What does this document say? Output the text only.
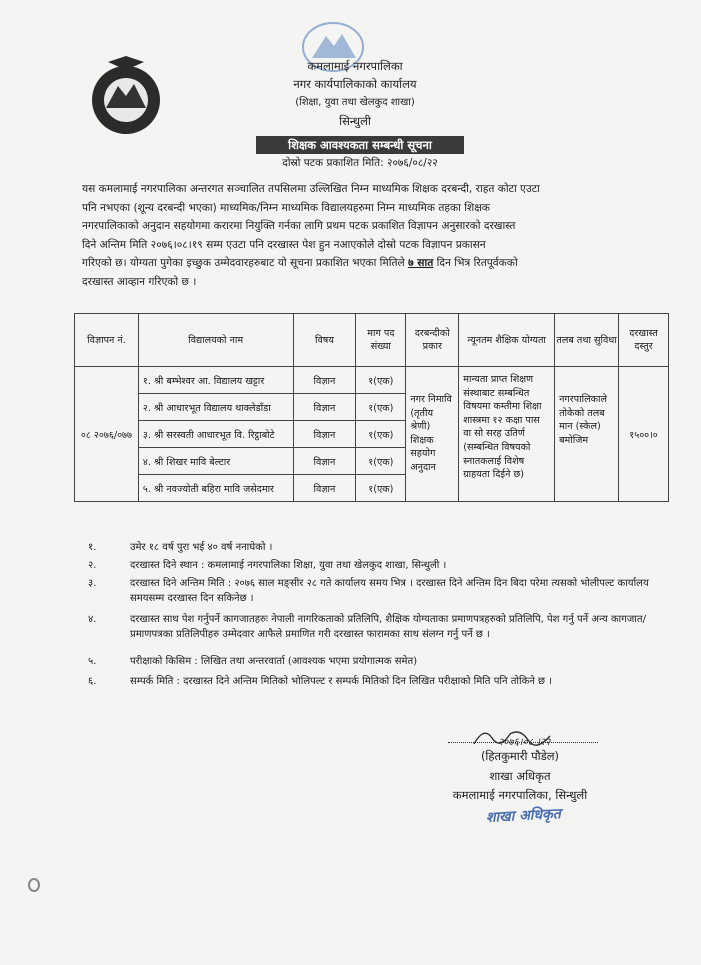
कमलामाई नगरपालिका
नगर कार्यपालिकाको कार्यालय
(शिक्षा, युवा तथा खेलकुद शाखा)
सिन्धुली
शिक्षक आवश्यकता सम्बन्धी सूचना
दोस्रो पटक प्रकाशित मिति: २०७६/०८/२२
यस कमलामाई नगरपालिका अन्तरगत सञ्चालित तपसिलमा उल्लिखित निम्न माध्यमिक शिक्षक दरबन्दी, राहत कोटा एउटा
पनि नभएका (शून्य दरबन्दी भएका) माध्यमिक/निम्न माध्यमिक विद्यालयहरुमा निम्न माध्यमिक तहका शिक्षक
नगरपालिकाको अनुदान सहयोगमा करारमा नियुक्ति गर्नका लागि प्रथम पटक प्रकाशित विज्ञापन अनुसारको दरखास्त
दिने अन्तिम मिति २०७६।०८।१९ सम्म एउटा पनि दरखास्त पेश हुन नआएकोले दोस्रो पटक विज्ञापन प्रकासन
गरिएको छ। योग्यता पुगेका इच्छुक उम्मेदवारहरुबाट यो सूचना प्रकाशित भएका मितिले ७ सात दिन भित्र रितपूर्वकको
दरखास्त आव्हान गरिएको छ ।
विज्ञापन नं.	विद्यालयको नाम	विषय	माग पद संख्या	दरबन्दीको प्रकार	न्यूनतम शैक्षिक योग्यता	तलब तथा सुविधा	दरखास्त दस्तुर
०८ २०७६/०७७	१. श्री बम्भेश्वर आ. विद्यालय खट्टार	विज्ञान	१(एक)	नगर निमावि (तृतीय श्रेणी) शिक्षक सहयोग अनुदान	मान्यता प्राप्त शिक्षण संस्थाबाट सम्बन्धित विषयमा कम्तीमा शिक्षा शास्त्रमा १२ कक्षा पास वा सो सरह उतिर्ण (सम्बन्धित विषयको स्नातकलाई विशेष ग्राहयता दिईने छ)	नगरपालिकाले तोकेको तलब मान (स्केल) बमोजिम	१५००।०
	२. श्री आधारभूत विद्यालय थाक्लेडाँडा	विज्ञान	१(एक)				
	३. श्री सरस्वती आधारभूत वि. रिट्ठाबोटे	विज्ञान	१(एक)				
	४. श्री शिखर मावि बेल्टार	विज्ञान	१(एक)				
	५. श्री नवज्योती बहिरा मावि जसेदमार	विज्ञान	१(एक)				
१.	उमेर १८ वर्ष पुरा भई ४० वर्ष ननाघेको ।
२.	दरखास्त दिने स्थान : कमलामाई नगरपालिका शिक्षा, युवा तथा खेलकुद शाखा, सिन्धुली ।
३.	दरखास्त दिने अन्तिम मिति : २०७६ साल मङ्सीर २८ गते कार्यालय समय भित्र । दरखास्त दिने अन्तिम दिन बिदा परेमा त्यसको भोलीपल्ट कार्यालय समयसम्म दरखास्त दिन सकिनेछ ।
४.	दरखास्त साथ पेश गर्नुपर्ने कागजातहरुः नेपाली नागरिकताको प्रतिलिपि, शैक्षिक योग्यताका प्रमाणपत्रहरुको प्रतिलिपि, पेश गर्नु पर्ने अन्य कागजात/प्रमाणपत्रका प्रतिलिपीहरु उम्मेदवार आफैले प्रमाणित गरी दरखास्त फारामका साथ संलग्न गर्नु पर्ने छ ।
५.	परीक्षाको किसिम : लिखित तथा अन्तरवार्ता (आवश्यक भएमा प्रयोगात्मक समेत)
६.	सम्पर्क मिति : दरखास्त दिने अन्तिम मितिको भोलिपल्ट र सम्पर्क मितिको दिन लिखित परीक्षाको मिति पनि तोकिने छ ।
२०७६।०८ ।२२
(हितकुमारी पौडेल)
शाखा अधिकृत
कमलामाई नगरपालिका, सिन्धुली
शाखा अधिकृत
